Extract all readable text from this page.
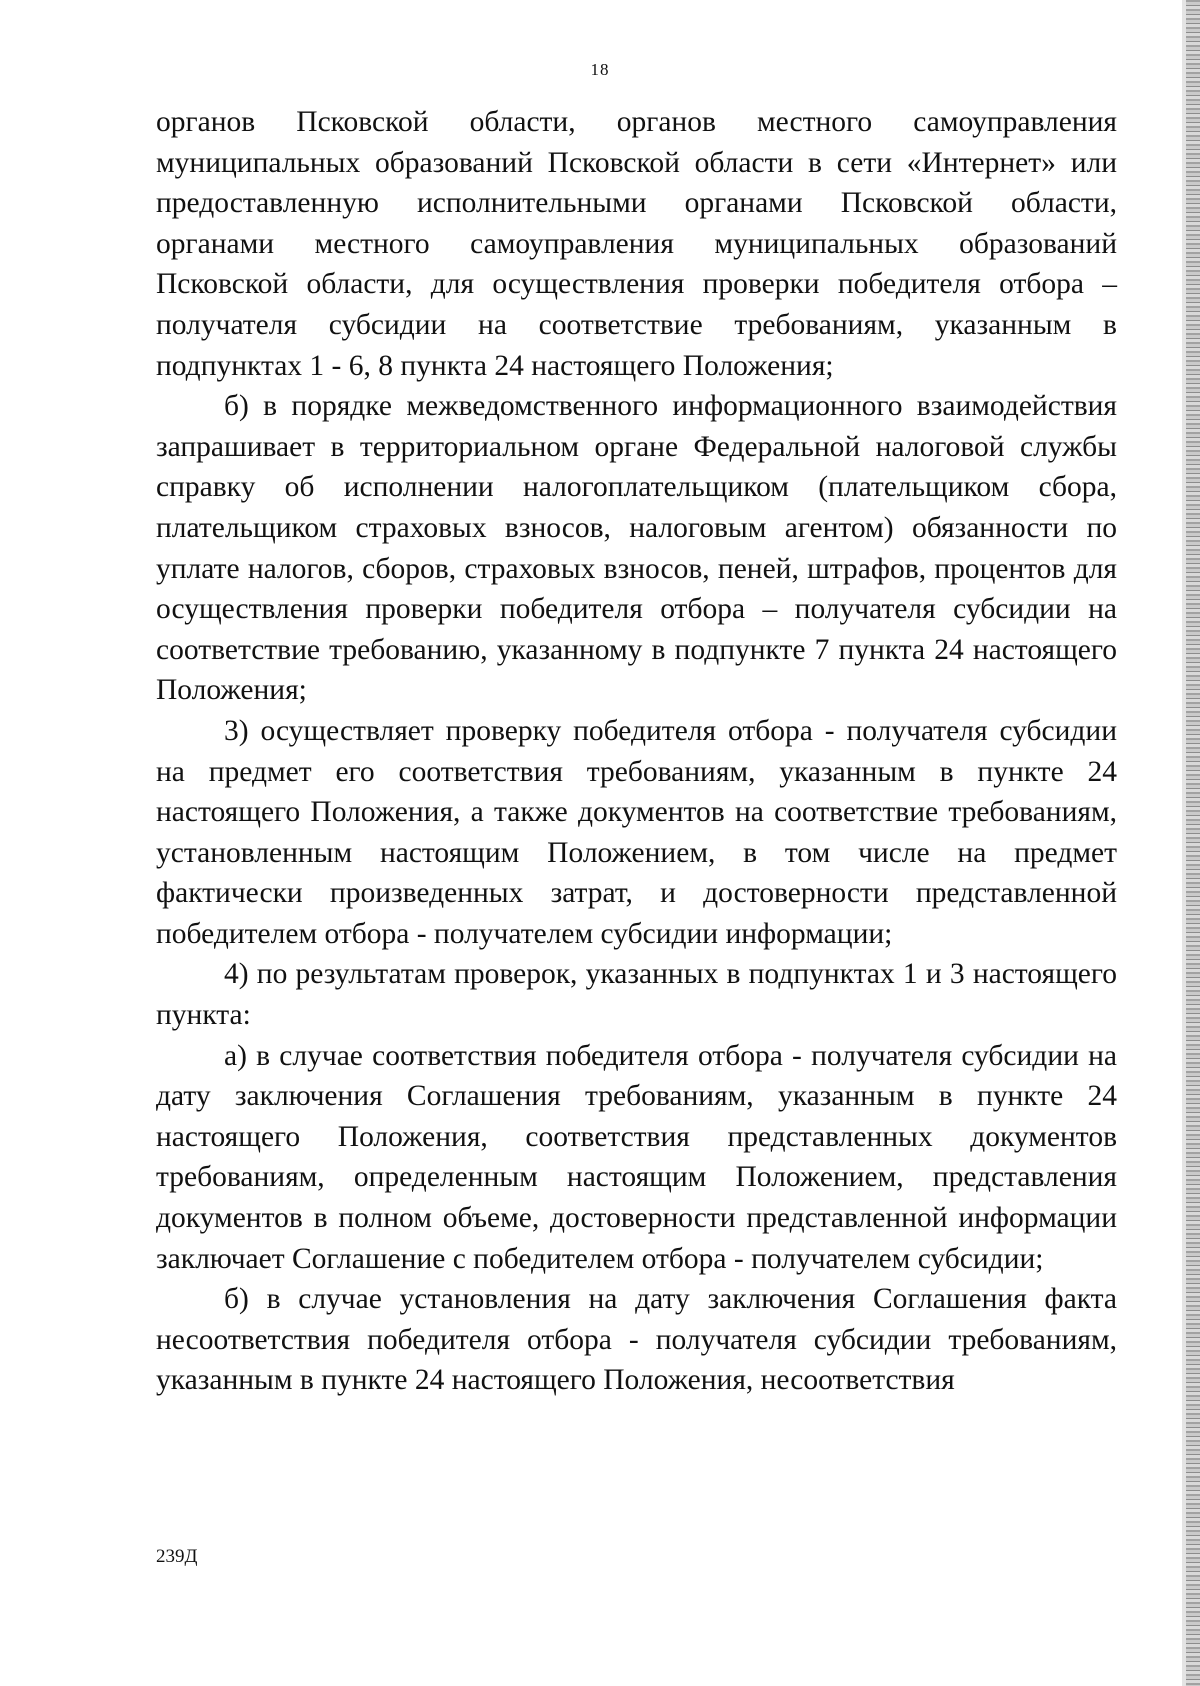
18

органов Псковской области, органов местного самоуправления муниципальных образований Псковской области в сети «Интернет» или предоставленную исполнительными органами Псковской области, органами местного самоуправления муниципальных образований Псковской области, для осуществления проверки победителя отбора – получателя субсидии на соответствие требованиям, указанным в подпунктах 1 - 6, 8 пункта 24 настоящего Положения;

б) в порядке межведомственного информационного взаимодействия запрашивает в территориальном органе Федеральной налоговой службы справку об исполнении налогоплательщиком (плательщиком сбора, плательщиком страховых взносов, налоговым агентом) обязанности по уплате налогов, сборов, страховых взносов, пеней, штрафов, процентов для осуществления проверки победителя отбора – получателя субсидии на соответствие требованию, указанному в подпункте 7 пункта 24 настоящего Положения;

3) осуществляет проверку победителя отбора - получателя субсидии на предмет его соответствия требованиям, указанным в пункте 24 настоящего Положения, а также документов на соответствие требованиям, установленным настоящим Положением, в том числе на предмет фактически произведенных затрат, и достоверности представленной победителем отбора - получателем субсидии информации;

4) по результатам проверок, указанных в подпунктах 1 и 3 настоящего пункта:

а) в случае соответствия победителя отбора - получателя субсидии на дату заключения Соглашения требованиям, указанным в пункте 24 настоящего Положения, соответствия представленных документов требованиям, определенным настоящим Положением, представления документов в полном объеме, достоверности представленной информации заключает Соглашение с победителем отбора - получателем субсидии;

б) в случае установления на дату заключения Соглашения факта несоответствия победителя отбора - получателя субсидии требованиям, указанным в пункте 24 настоящего Положения, несоответствия

239Д
